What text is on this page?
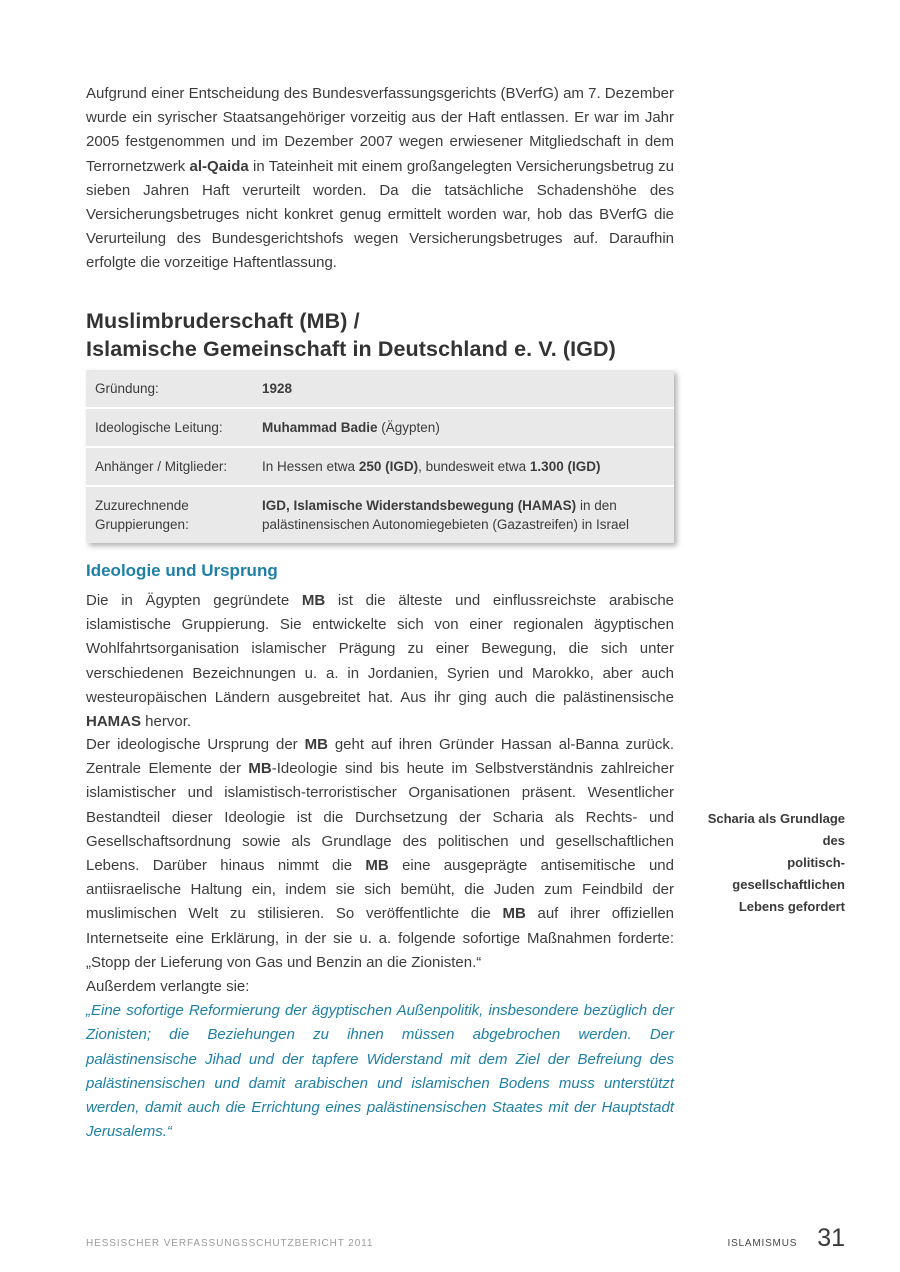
Aufgrund einer Entscheidung des Bundesverfassungsgerichts (BVerfG) am 7. Dezember wurde ein syrischer Staatsangehöriger vorzeitig aus der Haft entlassen. Er war im Jahr 2005 festgenommen und im Dezember 2007 wegen erwiesener Mitgliedschaft in dem Terrornetzwerk al-Qaida in Tateinheit mit einem großangelegten Versicherungsbetrug zu sieben Jahren Haft verurteilt worden. Da die tatsächliche Schadenshöhe des Versicherungsbetruges nicht konkret genug ermittelt worden war, hob das BVerfG die Verurteilung des Bundesgerichtshofs wegen Versicherungsbetruges auf. Daraufhin erfolgte die vorzeitige Haftentlassung.

Muslimbruderschaft (MB) /
Islamische Gemeinschaft in Deutschland e. V. (IGD)
Gründung:	1928
Ideologische Leitung:	Muhammad Badie (Ägypten)
Anhänger / Mitglieder:	In Hessen etwa 250 (IGD), bundesweit etwa 1.300 (IGD)
Zuzurechnende Gruppierungen:
IGD, Islamische Widerstandsbewegung (HAMAS) in den palästinensischen Autonomiegebieten (Gazastreifen) in Israel
Ideologie und Ursprung

Die in Ägypten gegründete MB ist die älteste und einflussreichste arabische islamistische Gruppierung. Sie entwickelte sich von einer regionalen ägyptischen Wohlfahrtsorganisation islamischer Prägung zu einer Bewegung, die sich unter verschiedenen Bezeichnungen u. a. in Jordanien, Syrien und Marokko, aber auch westeuropäischen Ländern ausgebreitet hat. Aus ihr ging auch die palästinensische HAMAS hervor.

Der ideologische Ursprung der MB geht auf ihren Gründer Hassan al-Banna zurück. Zentrale Elemente der MB-Ideologie sind bis heute im Selbstverständnis zahlreicher islamistischer und islamistisch-terroristischer Organisationen präsent. Wesentlicher Bestandteil dieser Ideologie ist die Durchsetzung der Scharia als Rechts- und Gesellschaftsordnung sowie als Grundlage des politischen und gesellschaftlichen Lebens. Darüber hinaus nimmt die MB eine ausgeprägte antisemitische und antiisraelische Haltung ein, indem sie sich bemüht, die Juden zum Feindbild der muslimischen Welt zu stilisieren. So veröffentlichte die MB auf ihrer offiziellen Internetseite eine Erklärung, in der sie u. a. folgende sofortige Maßnahmen forderte: „Stopp der Lieferung von Gas und Benzin an die Zionisten.“

Außerdem verlangte sie:

„Eine sofortige Reformierung der ägyptischen Außenpolitik, insbesondere bezüglich der Zionisten; die Beziehungen zu ihnen müssen abgebrochen werden. Der palästinensische Jihad und der tapfere Widerstand mit dem Ziel der Befreiung des palästinensischen und damit arabischen und islamischen Bodens muss unterstützt werden, damit auch die Errichtung eines palästinensischen Staates mit der Hauptstadt Jerusalems.“

Scharia als Grundlage des
politisch-gesellschaftlichen
Lebens gefordert
HESSISCHER VERFASSUNGSSCHUTZBERICHT 2011	ISLAMISMUS 31
